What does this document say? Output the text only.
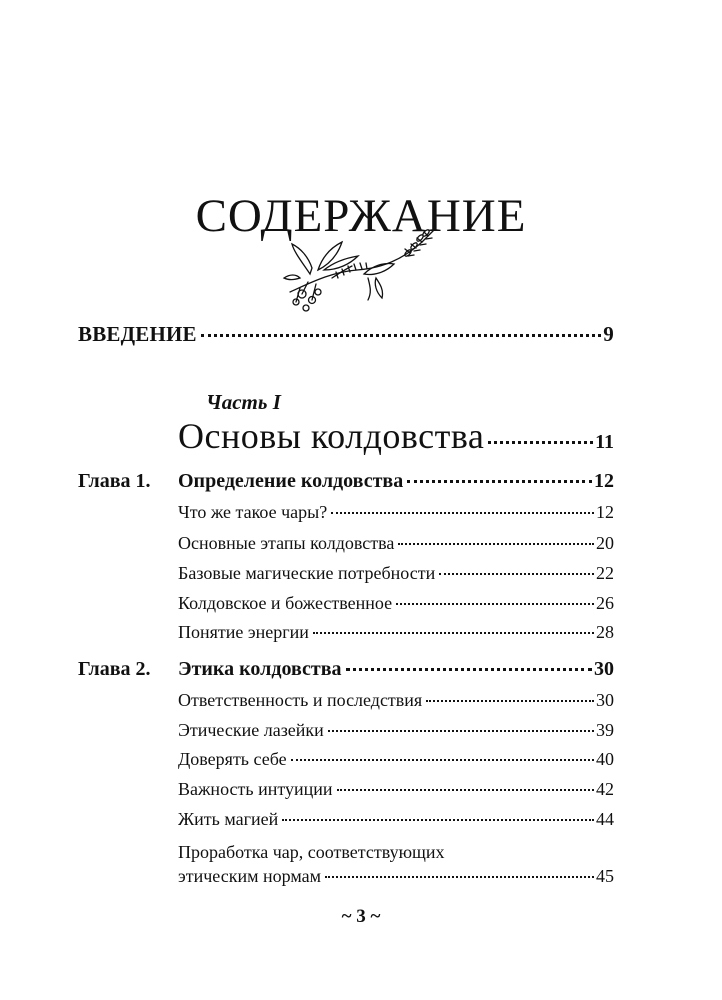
СОДЕРЖАНИЕ
ВВЕДЕНИЕ	9
Часть I
Основы колдовства	11
Глава 1. Определение колдовства	12
Что же такое чары?	12
Основные этапы колдовства	20
Базовые магические потребности	22
Колдовское и божественное	26
Понятие энергии	28
Глава 2. Этика колдовства	30
Ответственность и последствия	30
Этические лазейки	39
Доверять себе	40
Важность интуиции	42
Жить магией	44
Проработка чар, соответствующих
этическим нормам	45
~ 3 ~
